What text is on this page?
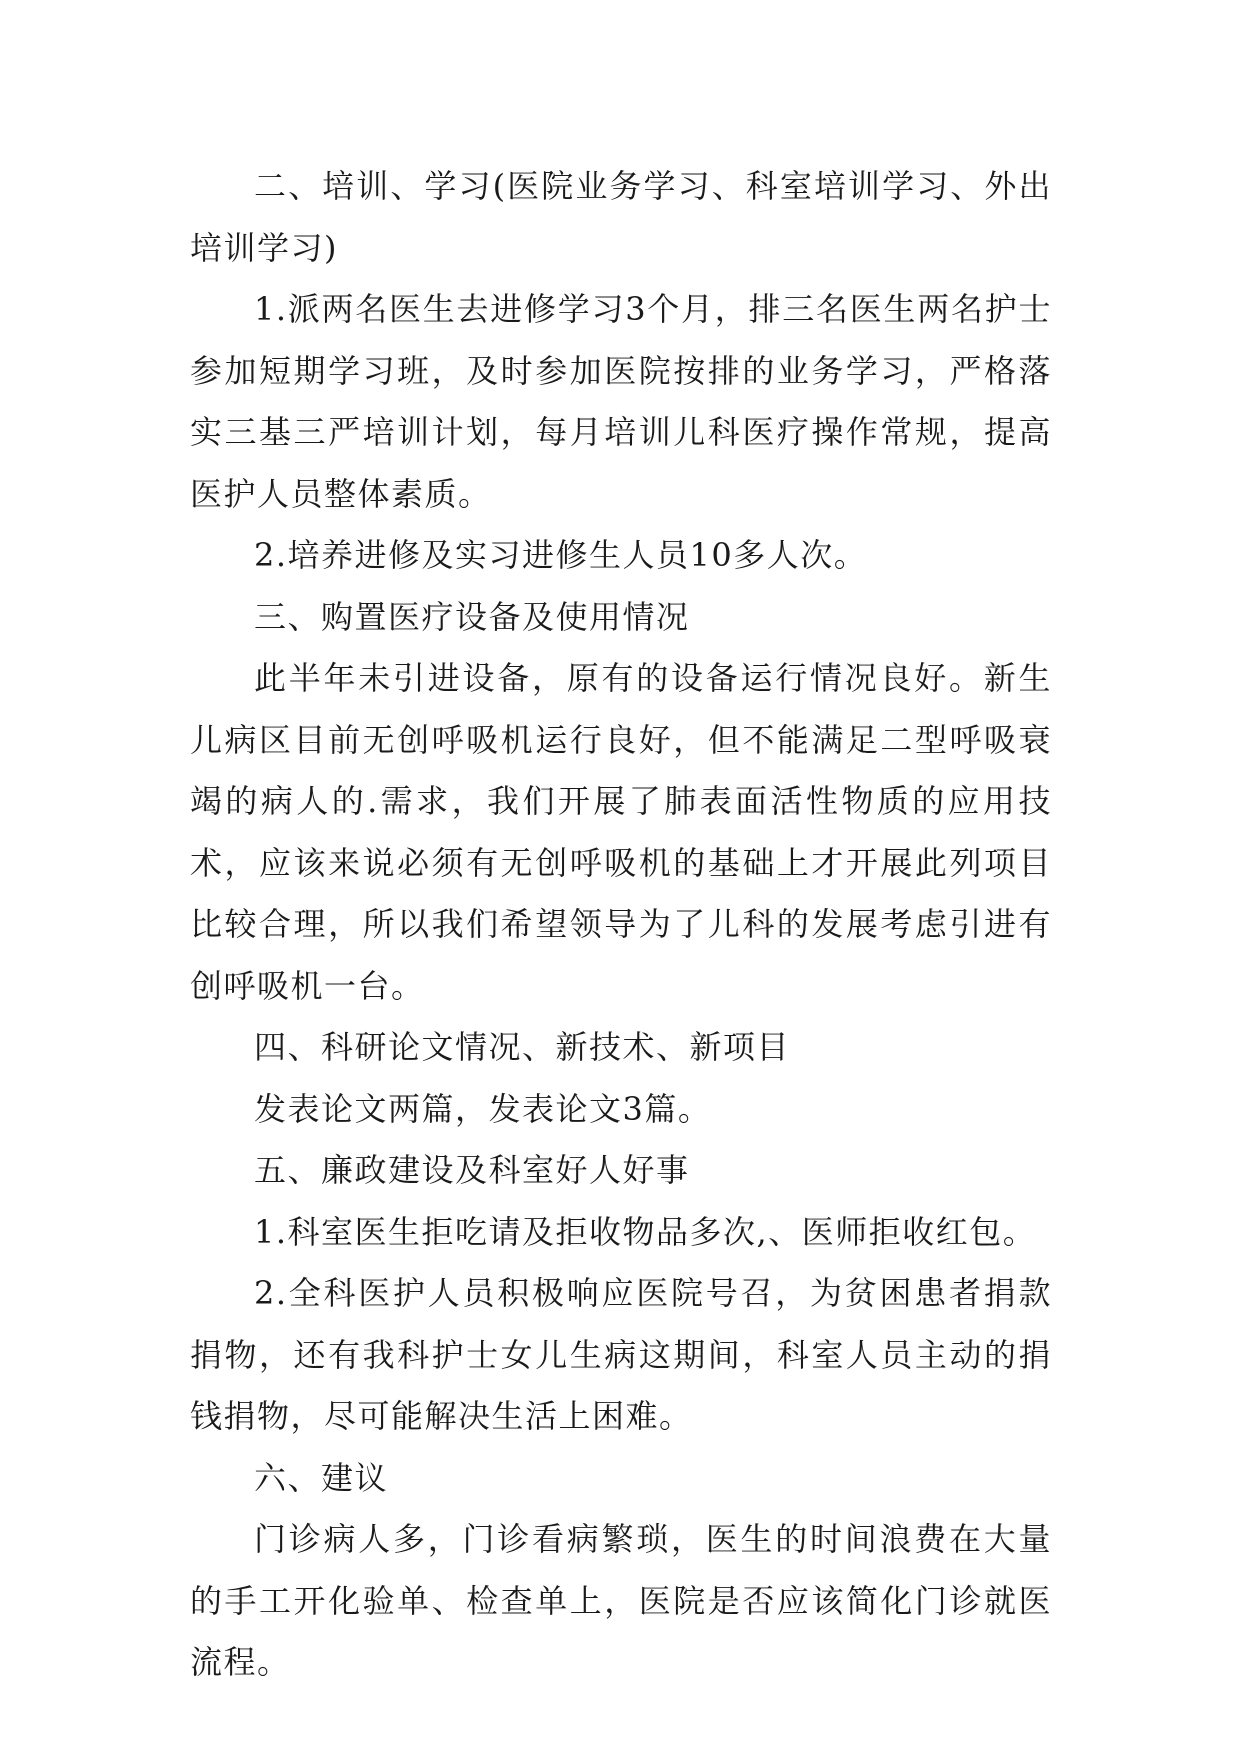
二、培训、学习(医院业务学习、科室培训学习、外出培训学习)

1.派两名医生去进修学习3个月，排三名医生两名护士参加短期学习班，及时参加医院按排的业务学习，严格落实三基三严培训计划，每月培训儿科医疗操作常规，提高医护人员整体素质。

2.培养进修及实习进修生人员10多人次。

三、购置医疗设备及使用情况

此半年未引进设备，原有的设备运行情况良好。新生儿病区目前无创呼吸机运行良好，但不能满足二型呼吸衰竭的病人的.需求，我们开展了肺表面活性物质的应用技术，应该来说必须有无创呼吸机的基础上才开展此列项目比较合理，所以我们希望领导为了儿科的发展考虑引进有创呼吸机一台。

四、科研论文情况、新技术、新项目

发表论文两篇，发表论文3篇。

五、廉政建设及科室好人好事

1.科室医生拒吃请及拒收物品多次,、医师拒收红包。

2.全科医护人员积极响应医院号召，为贫困患者捐款捐物，还有我科护士女儿生病这期间，科室人员主动的捐钱捐物，尽可能解决生活上困难。

六、建议

门诊病人多，门诊看病繁琐，医生的时间浪费在大量的手工开化验单、检查单上，医院是否应该简化门诊就医流程。
